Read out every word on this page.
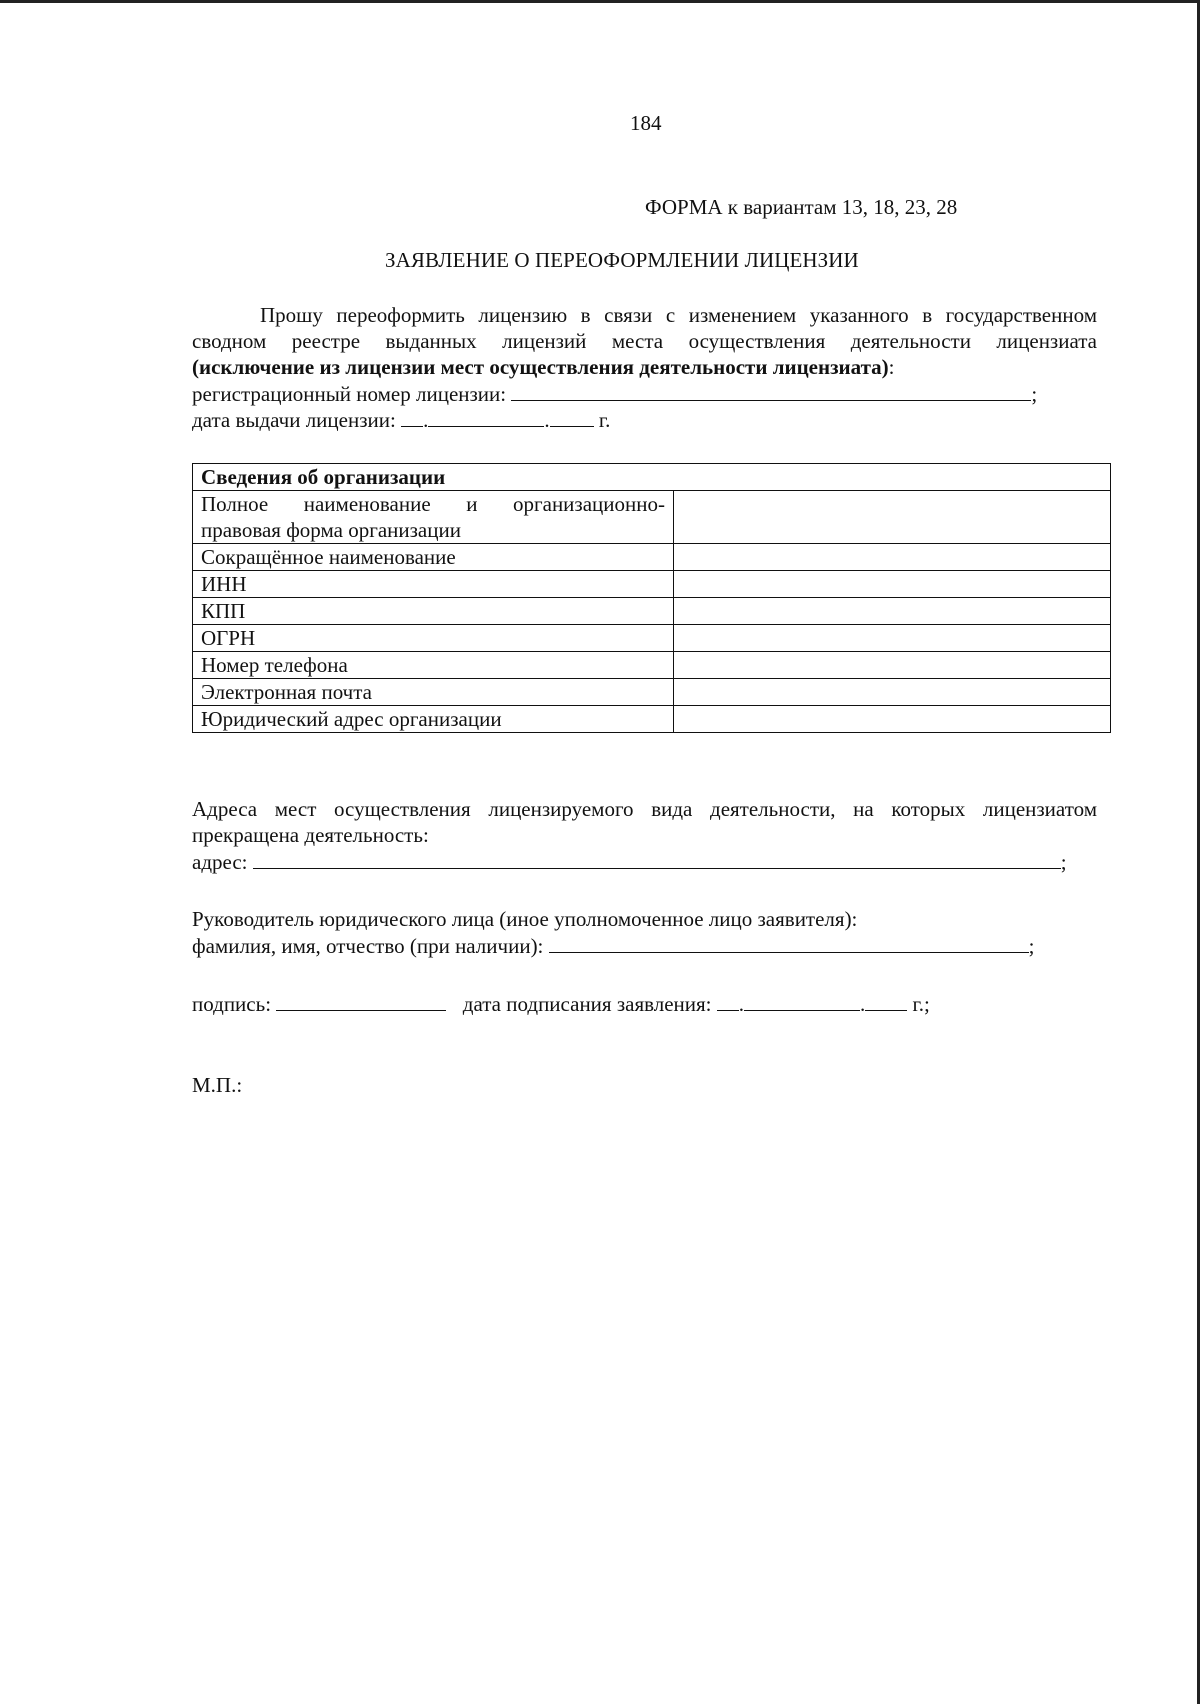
184
ФОРМА к вариантам 13, 18, 23, 28
ЗАЯВЛЕНИЕ О ПЕРЕОФОРМЛЕНИИ ЛИЦЕНЗИИ
Прошу переоформить лицензию в связи с изменением указанного в государственном
сводном реестре выданных лицензий места осуществления деятельности лицензиата
(исключение из лицензии мест осуществления деятельности лицензиата):
регистрационный номер лицензии:	;
дата выдачи лицензии: .	. г.
Сведения об организации	

Полное наименование и организационно-
правовая форма организации	

Сокращённое наименование	
ИНН	
КПП	
ОГРН	
Номер телефона	
Электронная почта	
Юридический адрес организации	
Адреса мест осуществления лицензируемого вида деятельности, на которых лицензиатом
прекращена деятельность:
адрес:	;
Руководитель юридического лица (иное уполномоченное лицо заявителя):
фамилия, имя, отчество (при наличии):	;
подпись:	дата подписания заявления: .	. г.;
М.П.:
